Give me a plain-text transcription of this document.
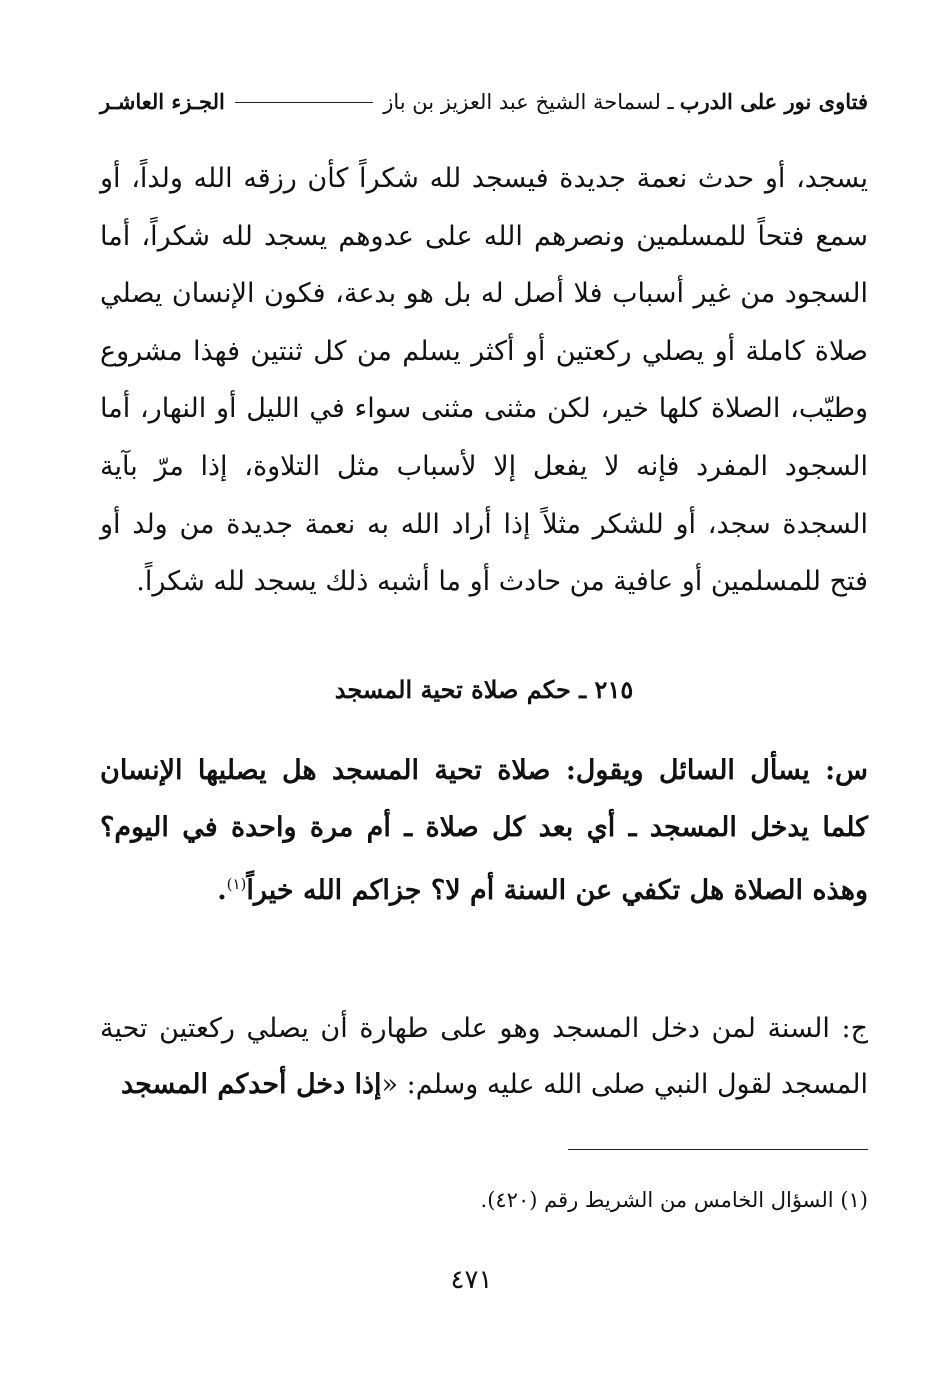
فتاوى نور على الدرب
ـ لسماحة الشيخ عبد العزيز بن باز
الجـزء العاشـر

يسجد، أو حدث نعمة جديدة فيسجد لله شكراً كأن رزقه الله ولداً، أو سمع فتحاً للمسلمين ونصرهم الله على عدوهم يسجد لله شكراً، أما السجود من غير أسباب فلا أصل له بل هو بدعة، فكون الإنسان يصلي صلاة كاملة أو يصلي ركعتين أو أكثر يسلم من كل ثنتين فهذا مشروع وطيّب، الصلاة كلها خير، لكن مثنى مثنى سواء في الليل أو النهار، أما السجود المفرد فإنه لا يفعل إلا لأسباب مثل التلاوة، إذا مرّ بآية السجدة سجد، أو للشكر مثلاً إذا أراد الله به نعمة جديدة من ولد أو فتح للمسلمين أو عافية من حادث أو ما أشبه ذلك يسجد لله شكراً.

٢١٥ ـ حكم صلاة تحية المسجد

س: يسأل السائل ويقول: صلاة تحية المسجد هل يصليها الإنسان كلما يدخل المسجد ـ أي بعد كل صلاة ـ أم مرة واحدة في اليوم؟ وهذه الصلاة هل تكفي عن السنة أم لا؟ جزاكم الله خيراً$^{(١)}$.

ج: السنة لمن دخل المسجد وهو على طهارة أن يصلي ركعتين تحية المسجد لقول النبي صلى الله عليه وسلم: «إذا دخل أحدكم المسجد

(١) السؤال الخامس من الشريط رقم (٤٢٠).
٤٧١
